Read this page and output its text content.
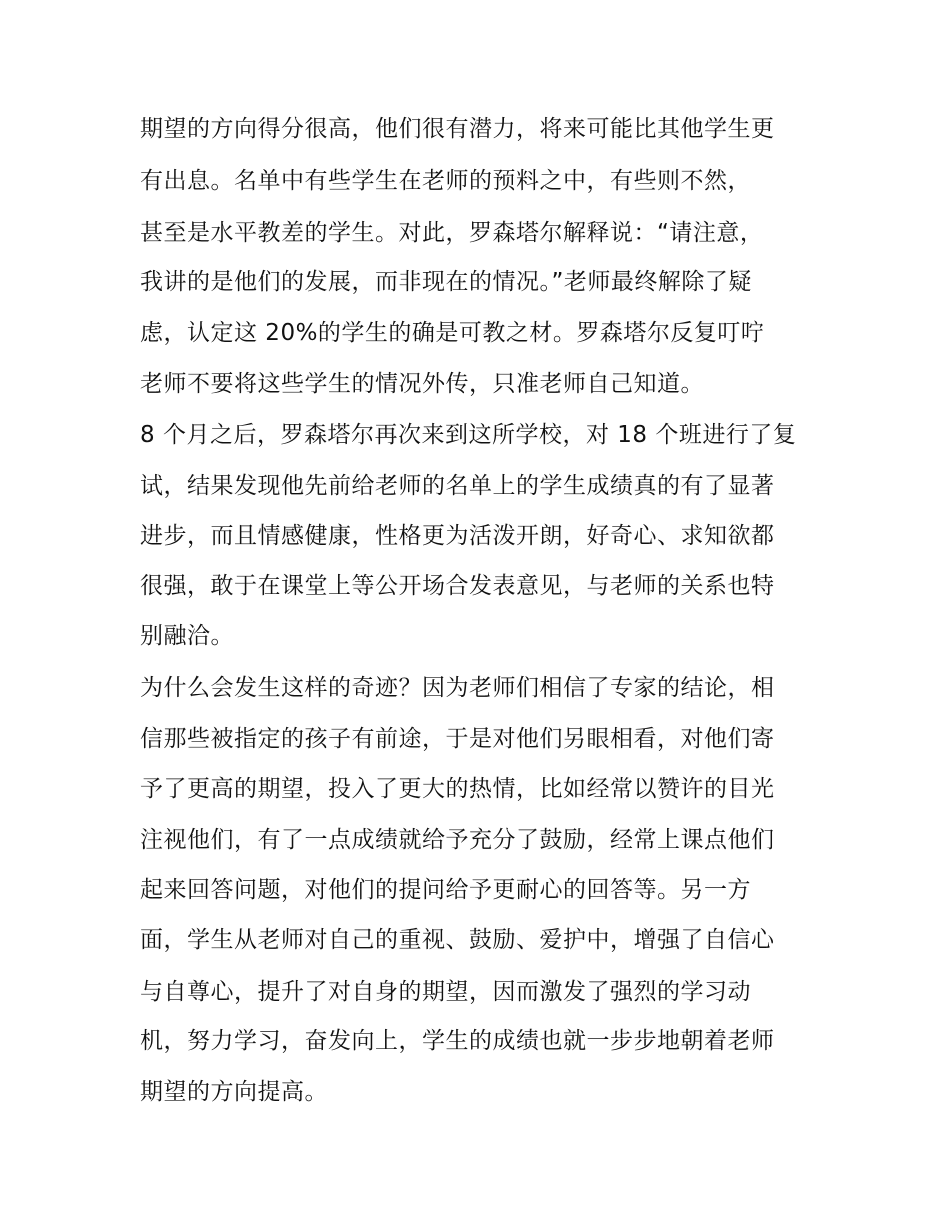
期望的方向得分很高，他们很有潜力，将来可能比其他学生更
有出息。名单中有些学生在老师的预料之中，有些则不然，
甚至是水平教差的学生。对此，罗森塔尔解释说：“请注意，
我讲的是他们的发展，而非现在的情况。”老师最终解除了疑
虑，认定这 20%的学生的确是可教之材。罗森塔尔反复叮咛
老师不要将这些学生的情况外传，只准老师自己知道。
8 个月之后，罗森塔尔再次来到这所学校，对 18 个班进行了复
试，结果发现他先前给老师的名单上的学生成绩真的有了显著
进步，而且情感健康，性格更为活泼开朗，好奇心、求知欲都
很强，敢于在课堂上等公开场合发表意见，与老师的关系也特
别融洽。
为什么会发生这样的奇迹？因为老师们相信了专家的结论，相
信那些被指定的孩子有前途，于是对他们另眼相看，对他们寄
予了更高的期望，投入了更大的热情，比如经常以赞许的目光
注视他们，有了一点成绩就给予充分了鼓励，经常上课点他们
起来回答问题，对他们的提问给予更耐心的回答等。另一方
面，学生从老师对自己的重视、鼓励、爱护中，增强了自信心
与自尊心，提升了对自身的期望，因而激发了强烈的学习动
机，努力学习，奋发向上，学生的成绩也就一步步地朝着老师
期望的方向提高。
